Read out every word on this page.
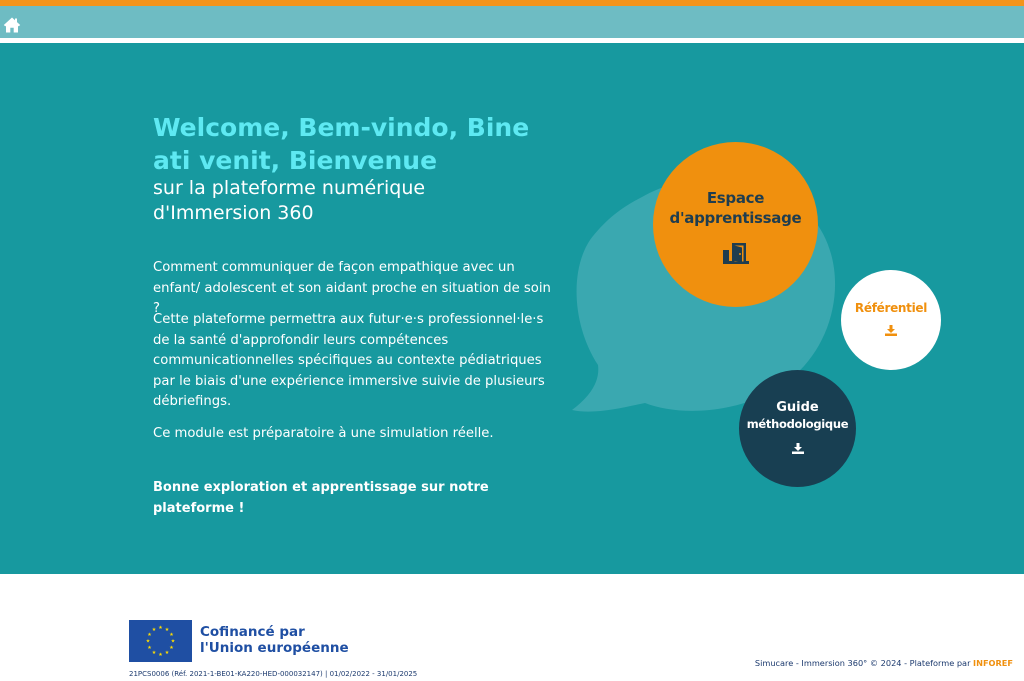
Welcome, Bem-vindo, Bine
ati venit, Bienvenue
sur la plateforme numérique
d'Immersion 360

Comment communiquer de façon empathique avec un enfant/ adolescent et son aidant proche en situation de soin ?

Cette plateforme permettra aux futur·e·s professionnel·le·s de la santé d'approfondir leurs compétences communicationnelles spécifiques au contexte pédiatriques par le biais d'une expérience immersive suivie de plusieurs débriefings.

Ce module est préparatoire à une simulation réelle.

Bonne exploration et apprentissage sur notre plateforme !

Espace
d'apprentissage
Référentiel
Guide
méthodologique
★ ★
★
★
★
★
★
★
★
★
★
★	Cofinancé par
l'Union européenne
21PCS0006 (Réf. 2021-1-BE01-KA220-HED-000032147) | 01/02/2022 - 31/01/2025
Simucare - Immersion 360° © 2024 - Plateforme par INFOREF
